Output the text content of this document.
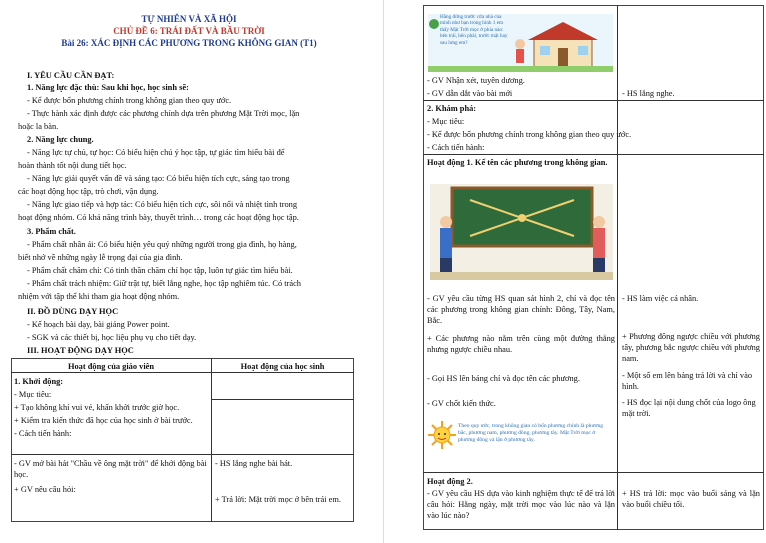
TỰ NHIÊN VÀ XÃ HỘI
CHỦ ĐỀ 6: TRÁI ĐẤT VÀ BẦU TRỜI
Bài 26: XÁC ĐỊNH CÁC PHƯƠNG TRONG KHÔNG GIAN (T1)
I. YÊU CẦU CẦN ĐẠT:
1. Năng lực đặc thù: Sau khi học, học sinh sẽ:
- Kể được bốn phương chính trong không gian theo quy ước.
- Thực hành xác định được các phương chính dựa trên phương Mặt Trời mọc, lặn
hoặc la bàn.
2. Năng lực chung.
- Năng lực tự chủ, tự học: Có biểu hiện chú ý học tập, tự giác tìm hiểu bài để
hoàn thành tốt nội dung tiết học.
- Năng lực giải quyết vấn đề và sáng tạo: Có biểu hiện tích cực, sáng tạo trong
các hoạt động học tập, trò chơi, vận dụng.
- Năng lực giao tiếp và hợp tác: Có biểu hiện tích cực, sôi nổi và nhiệt tình trong
hoạt động nhóm. Có khả năng trình bày, thuyết trình… trong các hoạt động học tập.
3. Phẩm chất.
- Phẩm chất nhân ái: Có biểu hiện yêu quý những người trong gia đình, họ hàng,
biết nhớ về những ngày lễ trọng đại của gia đình.
- Phẩm chất chăm chỉ: Có tinh thần chăm chỉ học tập, luôn tự giác tìm hiểu bài.
- Phẩm chất trách nhiệm: Giữ trật tự, biết lắng nghe, học tập nghiêm túc. Có trách
nhiệm với tập thể khi tham gia hoạt động nhóm.
II. ĐỒ DÙNG DẠY HỌC
- Kế hoạch bài dạy, bài giảng Power point.
- SGK và các thiết bị, học liệu phụ vụ cho tiết dạy.
III. HOẠT ĐỘNG DẠY HỌC
Hoạt động của giáo viên	Hoạt động của học sinh
1. Khởi động:
- Mục tiêu:
+ Tạo không khí vui vẻ, khấn khởi trước giờ học.
+ Kiểm tra kiến thức đã học của học sinh ở bài trước.
- Cách tiến hành:
- GV mở bài hát "Chầu về ông mặt trời" để khởi động bài học.
+ GV nêu câu hỏi:
- HS lắng nghe bài hát.
+ Trả lời: Mặt trời mọc ở bên trái em.
Hằng đứng trước cửa nhà của mình như bạn trong hình 1 em thấy Mặt Trời mọc ở phía nào: bên trái, bên phải, trước mặt hay sau lưng em?
- GV Nhận xét, tuyên dương.
- GV dẫn dắt vào bài mới	- HS lắng nghe.
2. Khám phá:
- Mục tiêu:
- Kể được bốn phương chính trong không gian theo quy ước.
- Cách tiến hành:
Hoạt động 1. Kể tên các phương trong không gian.
- GV yêu cầu từng HS quan sát hình 2, chỉ và đọc tên các phương trong không gian chính: Đông, Tây, Nam, Bắc.
+ Các phương nào nằm trên cùng một đường thẳng nhưng ngược chiều nhau.
- Gọi HS lên bảng chỉ và đọc tên các phương.
- GV chốt kiến thức.
- HS làm việc cá nhân.
+ Phương đông ngược chiều với phương tây, phương bắc ngược chiều với phương nam.
- Một số em lên bảng trả lời và chỉ vào hình.
- HS đọc lại nội dung chốt của logo ông mặt trời.
Theo quy ước, trong không gian có bốn phương chính là phương bắc, phương nam, phương đông, phương tây. Mặt Trời mọc ở phương đông và lặn ở phương tây.
Hoạt động 2.
- GV yêu cầu HS dựa vào kinh nghiệm thực tế để trả lời câu hỏi: Hằng ngày, mặt trời mọc vào lúc nào và lặn vào lúc nào?
+ HS trả lời: mọc vào buổi sáng và lặn vào buổi chiều tối.
